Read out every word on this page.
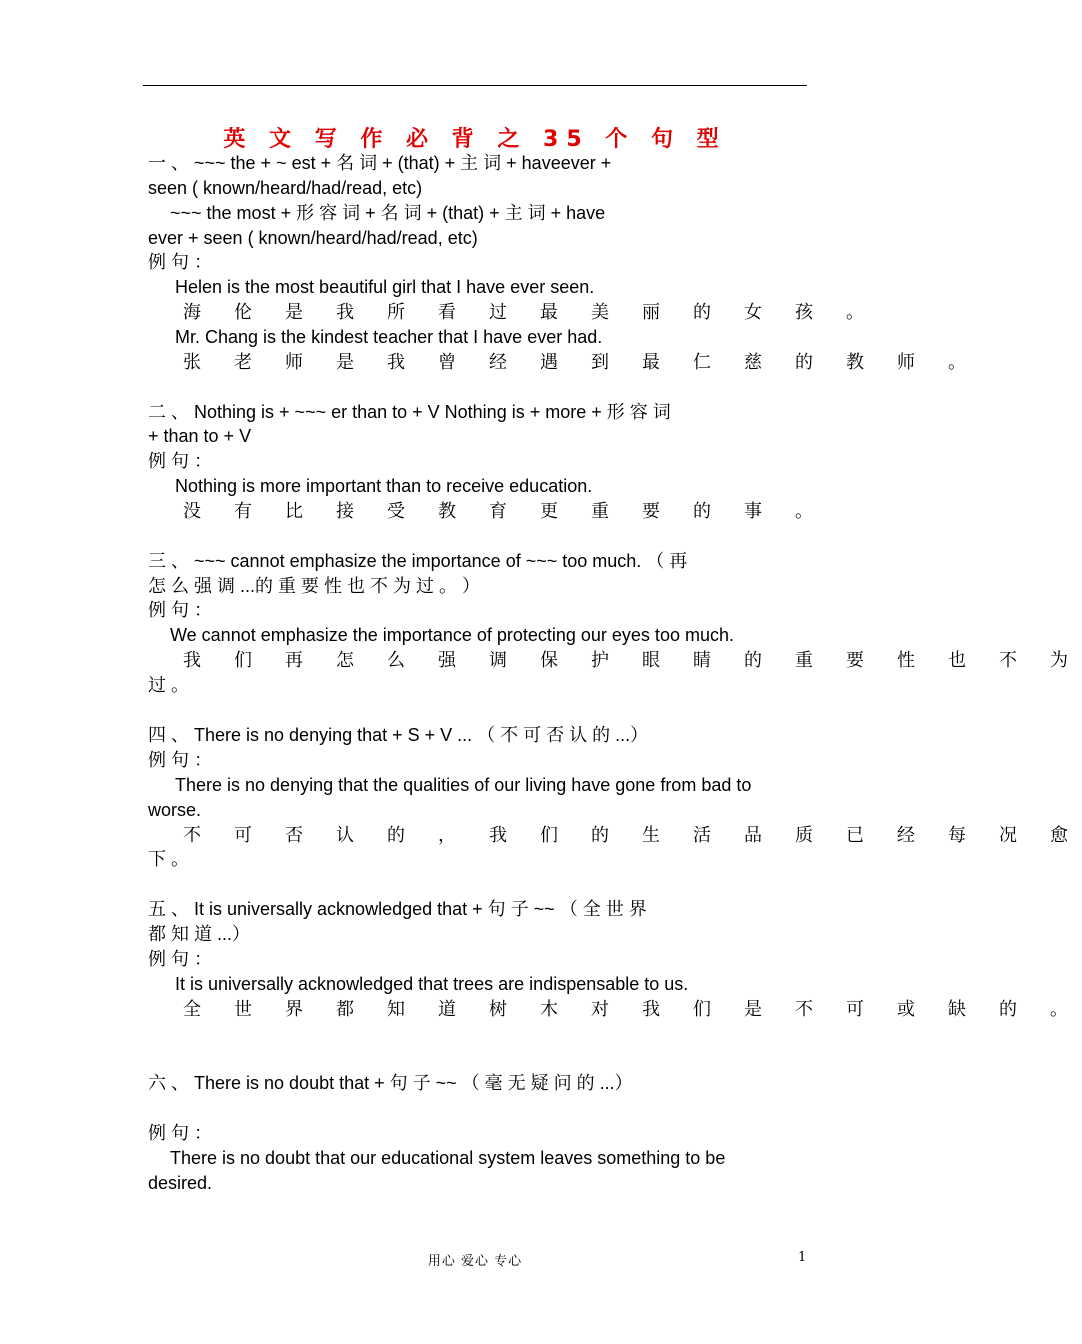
英 文 写 作 必 背 之 35 个 句 型
一 、 ~~~ the + ~ est + 名 词 + (that) + 主 词 + haveever +
seen ( known/heard/had/read, etc)
~~~ the most + 形 容 词 + 名 词 + (that) + 主 词 + have
ever + seen ( known/heard/had/read, etc)
例 句 ：
Helen is the most beautiful girl that I have ever seen.
海 伦 是 我 所 看 过 最 美 丽 的 女 孩 。
Mr. Chang is the kindest teacher that I have ever had.
张 老 师 是 我 曾 经 遇 到 最 仁 慈 的 教 师 。
二 、 Nothing is + ~~~ er than to + V Nothing is + more + 形 容 词
+ than to + V
例 句 ：
Nothing is more important than to receive education.
没 有 比 接 受 教 育 更 重 要 的 事 。
三 、 ~~~ cannot emphasize the importance of ~~~ too much. （ 再
怎 么 强 调 ...的 重 要 性 也 不 为 过 。 ）
例 句 ：
We cannot emphasize the importance of protecting our eyes too much.
我 们 再 怎 么 强 调 保 护 眼 睛 的 重 要 性 也 不 为
过 。
四 、 There is no denying that + S + V ... （ 不 可 否 认 的 ...）
例 句 ：
There is no denying that the qualities of our living have gone from bad to
worse.
不 可 否 认 的 ， 我 们 的 生 活 品 质 已 经 每 况 愈
下 。
五 、 It is universally acknowledged that + 句 子 ~~ （ 全 世 界
都 知 道 ...）
例 句 ：
It is universally acknowledged that trees are indispensable to us.
全 世 界 都 知 道 树 木 对 我 们 是 不 可 或 缺 的 。
六 、 There is no doubt that + 句 子 ~~ （ 毫 无 疑 问 的 ...）
例 句 ：
There is no doubt that our educational system leaves something to be
desired.
用心 爱心 专心	1
